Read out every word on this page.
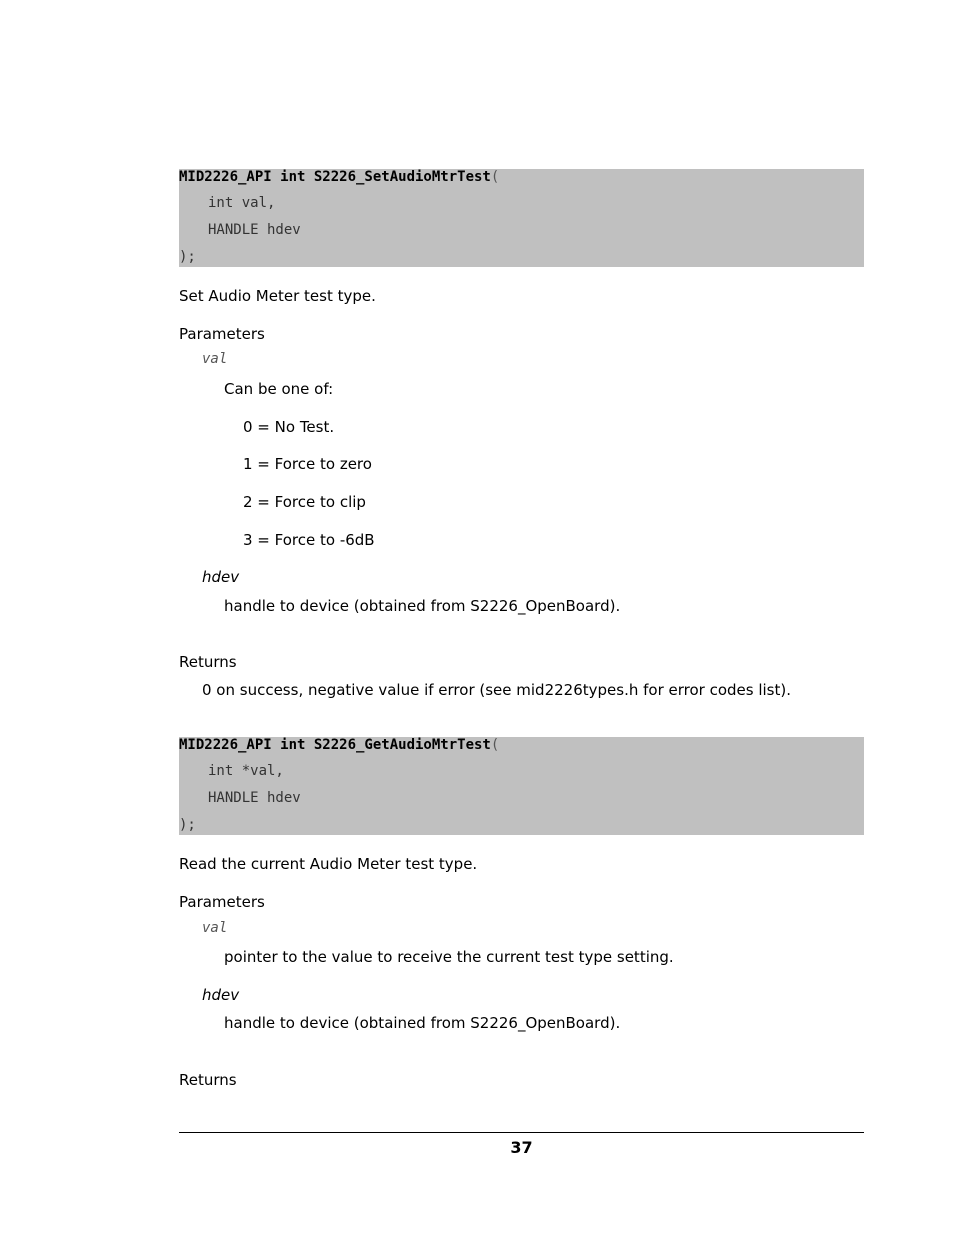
MID2226_API int S2226_SetAudioMtrTest(
int val,
HANDLE hdev
);
Set Audio Meter test type.
Parameters
val
Can be one of:
0 = No Test.
1 = Force to zero
2 = Force to clip
3 = Force to -6dB
hdev
handle to device (obtained from S2226_OpenBoard).
Returns
0 on success, negative value if error (see mid2226types.h for error codes list).
MID2226_API int S2226_GetAudioMtrTest(
int *val,
HANDLE hdev
);
Read the current Audio Meter test type.
Parameters
val
pointer to the value to receive the current test type setting.
hdev
handle to device (obtained from S2226_OpenBoard).
Returns
37
